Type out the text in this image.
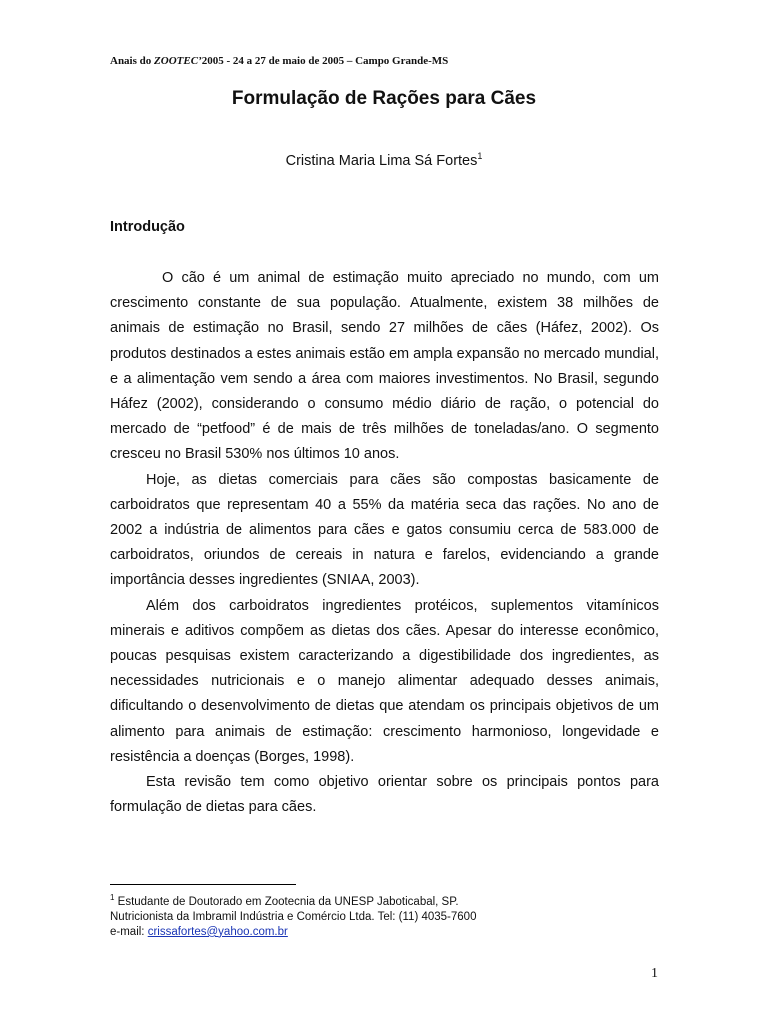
Anais do ZOOTEC’2005 - 24 a 27 de maio de 2005 – Campo Grande-MS
Formulação de Rações para Cães
Cristina Maria Lima Sá Fortes$^1$
Introdução

O cão é um animal de estimação muito apreciado no mundo, com um crescimento constante de sua população. Atualmente, existem 38 milhões de animais de estimação no Brasil, sendo 27 milhões de cães (Háfez, 2002). Os produtos destinados a estes animais estão em ampla expansão no mercado mundial, e a alimentação vem sendo a área com maiores investimentos. No Brasil, segundo Háfez (2002), considerando o consumo médio diário de ração, o potencial do mercado de “petfood” é de mais de três milhões de toneladas/ano. O segmento cresceu no Brasil 530% nos últimos 10 anos.

Hoje, as dietas comerciais para cães são compostas basicamente de carboidratos que representam 40 a 55% da matéria seca das rações. No ano de 2002 a indústria de alimentos para cães e gatos consumiu cerca de 583.000 de carboidratos, oriundos de cereais in natura e farelos, evidenciando a grande importância desses ingredientes (SNIAA, 2003).

Além dos carboidratos ingredientes protéicos, suplementos vitamínicos minerais e aditivos compõem as dietas dos cães. Apesar do interesse econômico, poucas pesquisas existem caracterizando a digestibilidade dos ingredientes, as necessidades nutricionais e o manejo alimentar adequado desses animais, dificultando o desenvolvimento de dietas que atendam os principais objetivos de um alimento para animais de estimação: crescimento harmonioso, longevidade e resistência a doenças (Borges, 1998).

Esta revisão tem como objetivo orientar sobre os principais pontos para formulação de dietas para cães.

$^1$ Estudante de Doutorado em Zootecnia da UNESP Jaboticabal, SP.
Nutricionista da Imbramil Indústria e Comércio Ltda. Tel: (11) 4035-7600
e-mail: crissafortes@yahoo.com.br
1
